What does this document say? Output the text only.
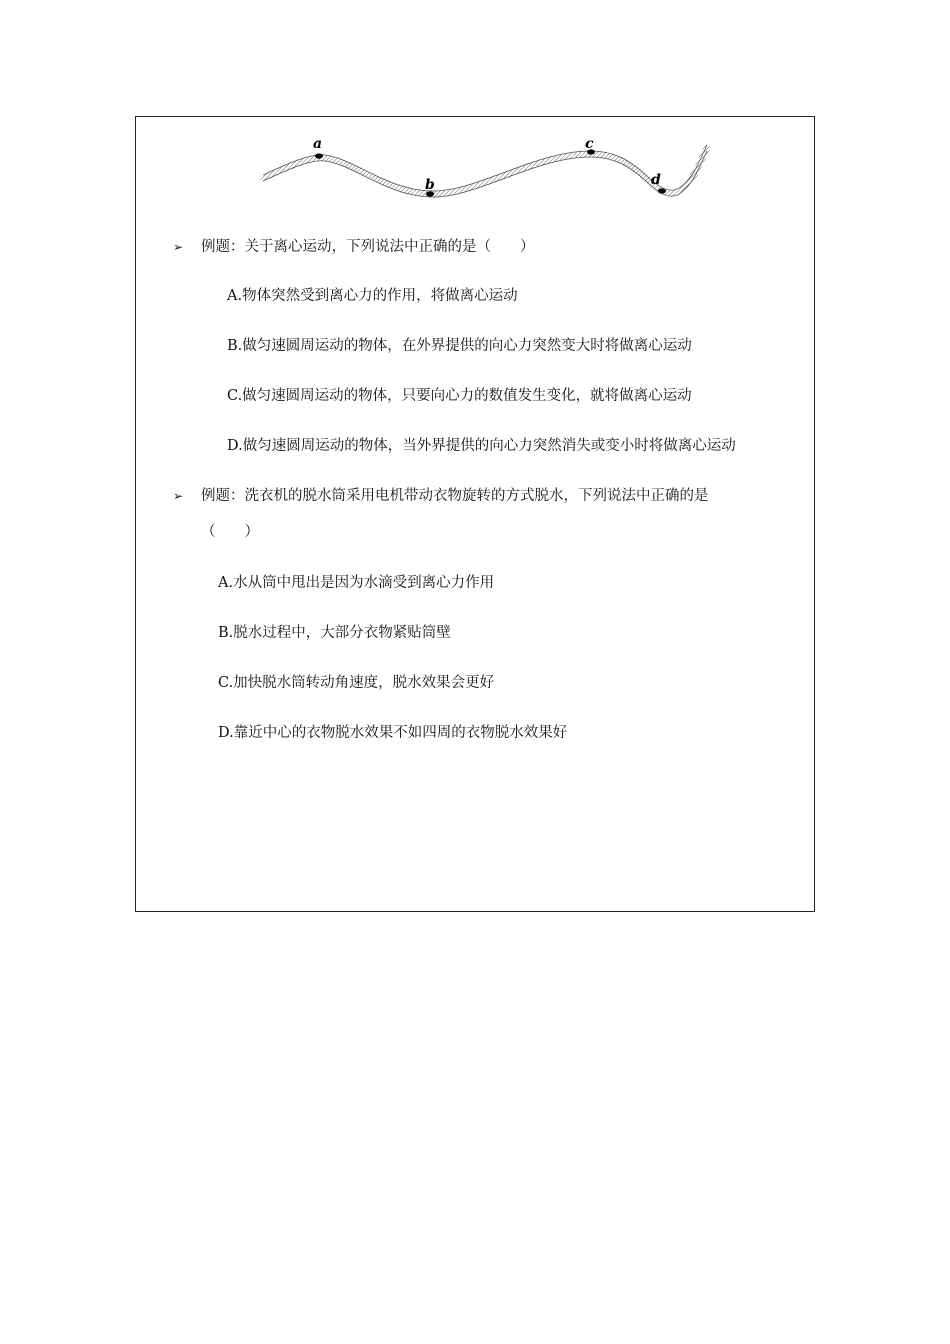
a
b
c
d
➢ 例题：关于离心运动，下列说法中正确的是（　　）
A.物体突然受到离心力的作用，将做离心运动
B.做匀速圆周运动的物体，在外界提供的向心力突然变大时将做离心运动
C.做匀速圆周运动的物体，只要向心力的数值发生变化，就将做离心运动
D.做匀速圆周运动的物体，当外界提供的向心力突然消失或变小时将做离心运动
➢ 例题：洗衣机的脱水筒采用电机带动衣物旋转的方式脱水，下列说法中正确的是
（　　）
A.水从筒中甩出是因为水滴受到离心力作用
B.脱水过程中，大部分衣物紧贴筒壁
C.加快脱水筒转动角速度，脱水效果会更好
D.靠近中心的衣物脱水效果不如四周的衣物脱水效果好
